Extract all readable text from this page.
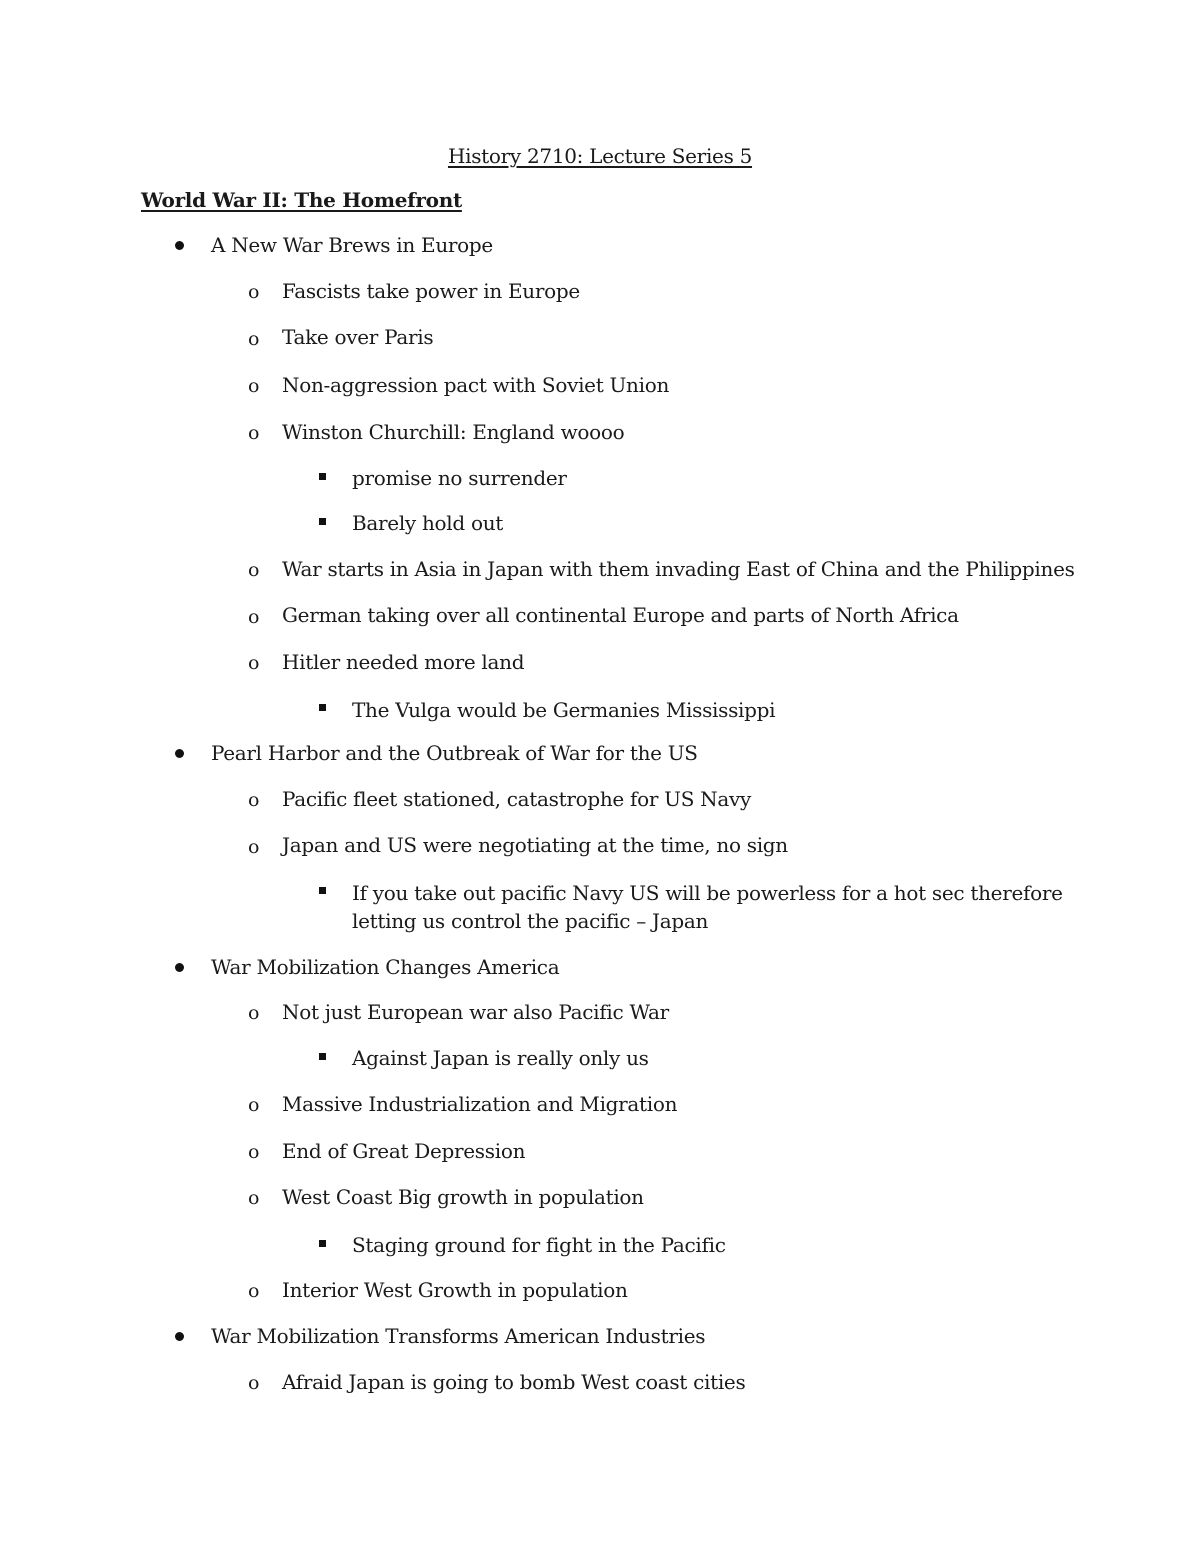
History 2710: Lecture Series 5
World War II: The Homefront
A New War Brews in Europe
o Fascists take power in Europe
o Take over Paris
o Non-aggression pact with Soviet Union
o Winston Churchill: England woooo
promise no surrender
Barely hold out
o War starts in Asia in Japan with them invading East of China and the Philippines
o German taking over all continental Europe and parts of North Africa
o Hitler needed more land
The Vulga would be Germanies Mississippi
Pearl Harbor and the Outbreak of War for the US
o Pacific fleet stationed, catastrophe for US Navy
o Japan and US were negotiating at the time, no sign
If you take out pacific Navy US will be powerless for a hot sec therefore
letting us control the pacific – Japan
War Mobilization Changes America
o Not just European war also Pacific War
Against Japan is really only us
o Massive Industrialization and Migration
o End of Great Depression
o West Coast Big growth in population
Staging ground for fight in the Pacific
o Interior West Growth in population
War Mobilization Transforms American Industries
o Afraid Japan is going to bomb West coast cities
